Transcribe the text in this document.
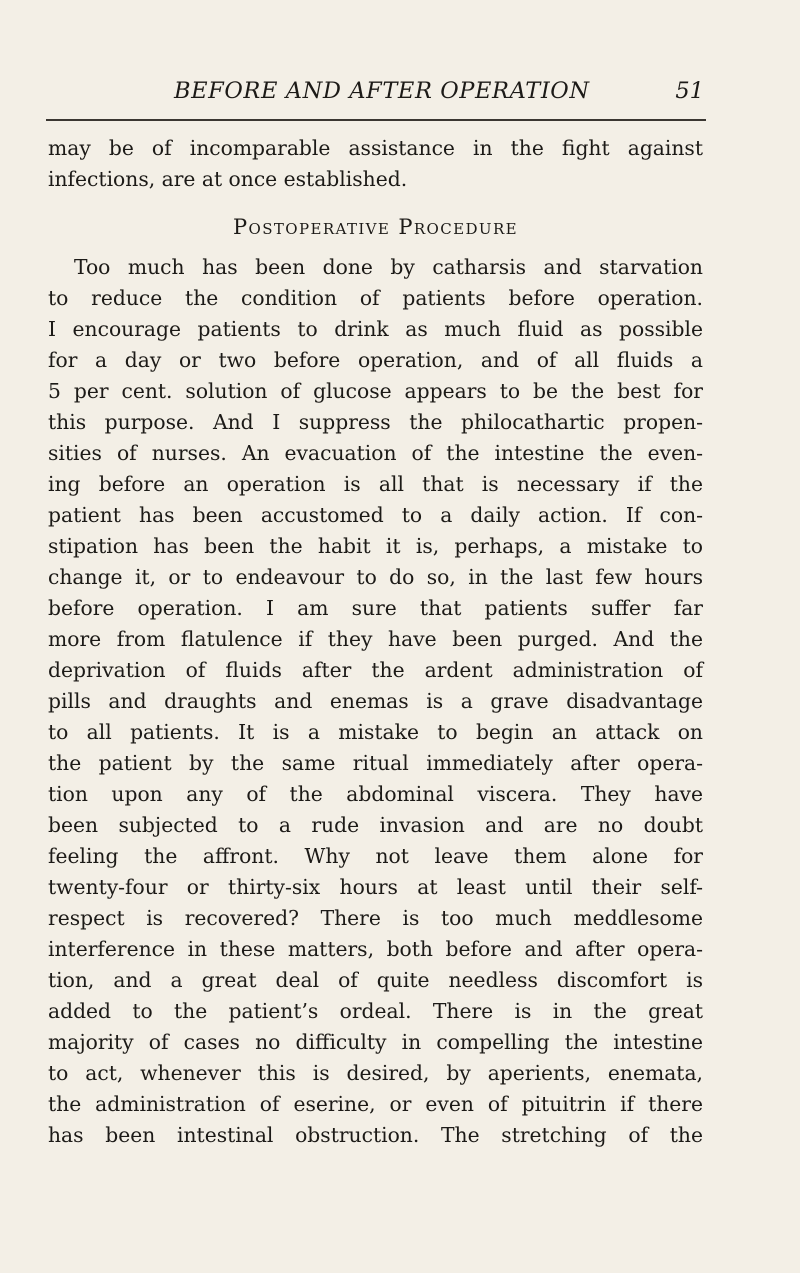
BEFORE AND AFTER OPERATION	51
may be of incomparable assistance in the fight against
infections, are at once established.
Postoperative Procedure
Too much has been done by catharsis and starvation
to reduce the condition of patients before operation.
I encourage patients to drink as much fluid as possible
for a day or two before operation, and of all fluids a
5 per cent. solution of glucose appears to be the best for
this purpose. And I suppress the philocathartic propen-
sities of nurses. An evacuation of the intestine the even-
ing before an operation is all that is necessary if the
patient has been accustomed to a daily action. If con-
stipation has been the habit it is, perhaps, a mistake to
change it, or to endeavour to do so, in the last few hours
before operation. I am sure that patients suffer far
more from flatulence if they have been purged. And the
deprivation of fluids after the ardent administration of
pills and draughts and enemas is a grave disadvantage
to all patients. It is a mistake to begin an attack on
the patient by the same ritual immediately after opera-
tion upon any of the abdominal viscera. They have
been subjected to a rude invasion and are no doubt
feeling the affront. Why not leave them alone for
twenty-four or thirty-six hours at least until their self-
respect is recovered? There is too much meddlesome
interference in these matters, both before and after opera-
tion, and a great deal of quite needless discomfort is
added to the patient’s ordeal. There is in the great
majority of cases no difficulty in compelling the intestine
to act, whenever this is desired, by aperients, enemata,
the administration of eserine, or even of pituitrin if there
has been intestinal obstruction. The stretching of the
